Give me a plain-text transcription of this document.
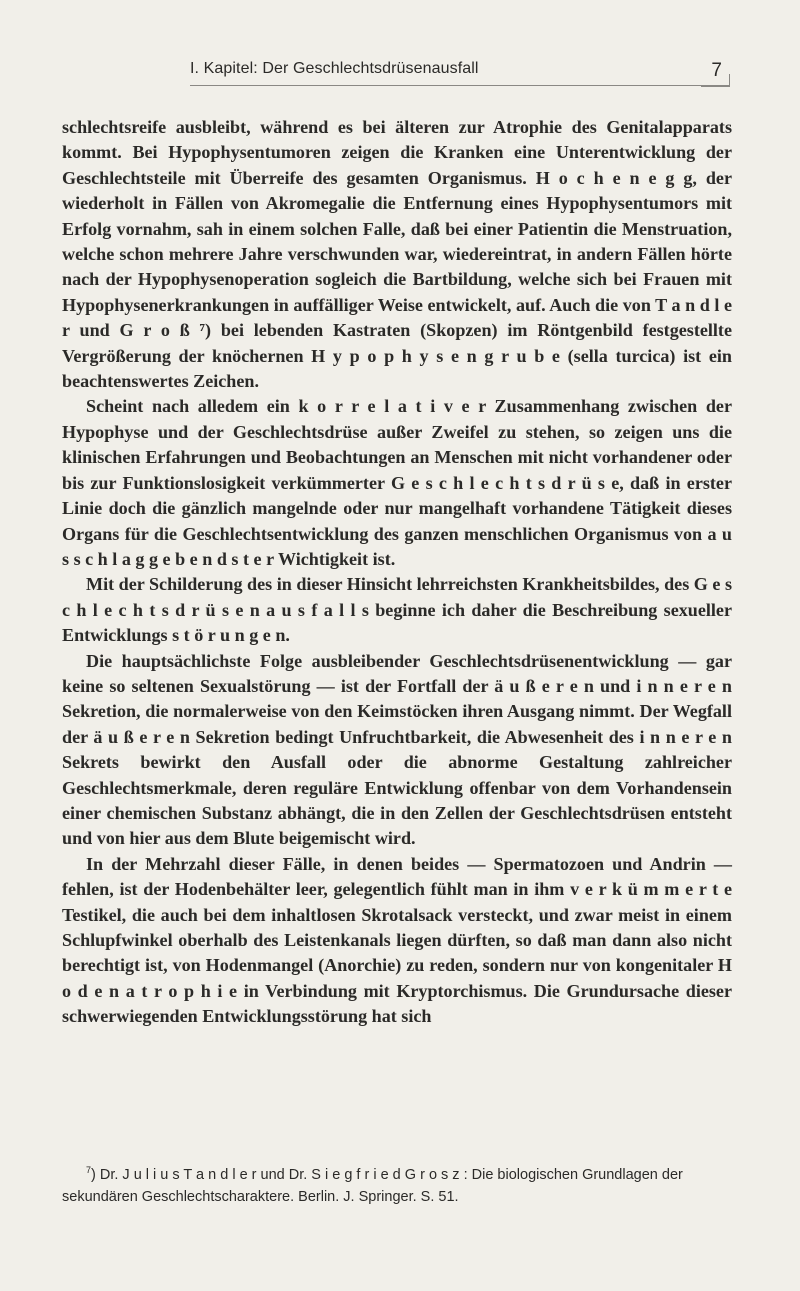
I. Kapitel: Der Geschlechtsdrüsenausfall	7

schlechtsreife ausbleibt, während es bei älteren zur Atrophie des Genitalapparats kommt. Bei Hypophysentumoren zeigen die Kranken eine Unterentwicklung der Geschlechtsteile mit Überreife des gesamten Organismus. H o c h e n e g g, der wiederholt in Fällen von Akromegalie die Entfernung eines Hypophysentumors mit Erfolg vornahm, sah in einem solchen Falle, daß bei einer Patientin die Menstruation, welche schon mehrere Jahre verschwunden war, wiedereintrat, in andern Fällen hörte nach der Hypophysenoperation sogleich die Bartbildung, welche sich bei Frauen mit Hypophysenerkrankungen in auffälliger Weise entwickelt, auf. Auch die von T a n d l e r und G r o ß ⁷) bei lebenden Kastraten (Skopzen) im Röntgenbild festgestellte Vergrößerung der knöchernen H y p o p h y s e n g r u b e (sella turcica) ist ein beachtenswertes Zeichen.

Scheint nach alledem ein k o r r e l a t i v e r Zusammenhang zwischen der Hypophyse und der Geschlechtsdrüse außer Zweifel zu stehen, so zeigen uns die klinischen Erfahrungen und Beobachtungen an Menschen mit nicht vorhandener oder bis zur Funktionslosigkeit verkümmerter G e s c h l e c h t s d r ü s e, daß in erster Linie doch die gänzlich mangelnde oder nur mangelhaft vorhandene Tätigkeit dieses Organs für die Geschlechtsentwicklung des ganzen menschlichen Organismus von a u s s c h l a g g e b e n d s t e r Wichtigkeit ist.

Mit der Schilderung des in dieser Hinsicht lehrreichsten Krankheitsbildes, des G e s c h l e c h t s d r ü s e n a u s f a l l s beginne ich daher die Beschreibung sexueller Entwicklungs s t ö r u n g e n.

Die hauptsächlichste Folge ausbleibender Geschlechtsdrüsenentwicklung — gar keine so seltenen Sexualstörung — ist der Fortfall der ä u ß e r e n und i n n e r e n Sekretion, die normalerweise von den Keimstöcken ihren Ausgang nimmt. Der Wegfall der ä u ß e r e n Sekretion bedingt Unfruchtbarkeit, die Abwesenheit des i n n e r e n Sekrets bewirkt den Ausfall oder die abnorme Gestaltung zahlreicher Geschlechtsmerkmale, deren reguläre Entwicklung offenbar von dem Vorhandensein einer chemischen Substanz abhängt, die in den Zellen der Geschlechtsdrüsen entsteht und von hier aus dem Blute beigemischt wird.

In der Mehrzahl dieser Fälle, in denen beides — Spermatozoen und Andrin — fehlen, ist der Hodenbehälter leer, gelegentlich fühlt man in ihm v e r k ü m m e r t e Testikel, die auch bei dem inhaltlosen Skrotalsack versteckt, und zwar meist in einem Schlupfwinkel oberhalb des Leistenkanals liegen dürften, so daß man dann also nicht berechtigt ist, von Hodenmangel (Anorchie) zu reden, sondern nur von kongenitaler H o d e n a t r o p h i e in Verbindung mit Kryptorchismus. Die Grundursache dieser schwerwiegenden Entwicklungsstörung hat sich

$^7$) Dr. J u l i u s T a n d l e r und Dr. S i e g f r i e d G r o s z : Die biologischen Grundlagen der sekundären Geschlechtscharaktere. Berlin. J. Springer. S. 51.
